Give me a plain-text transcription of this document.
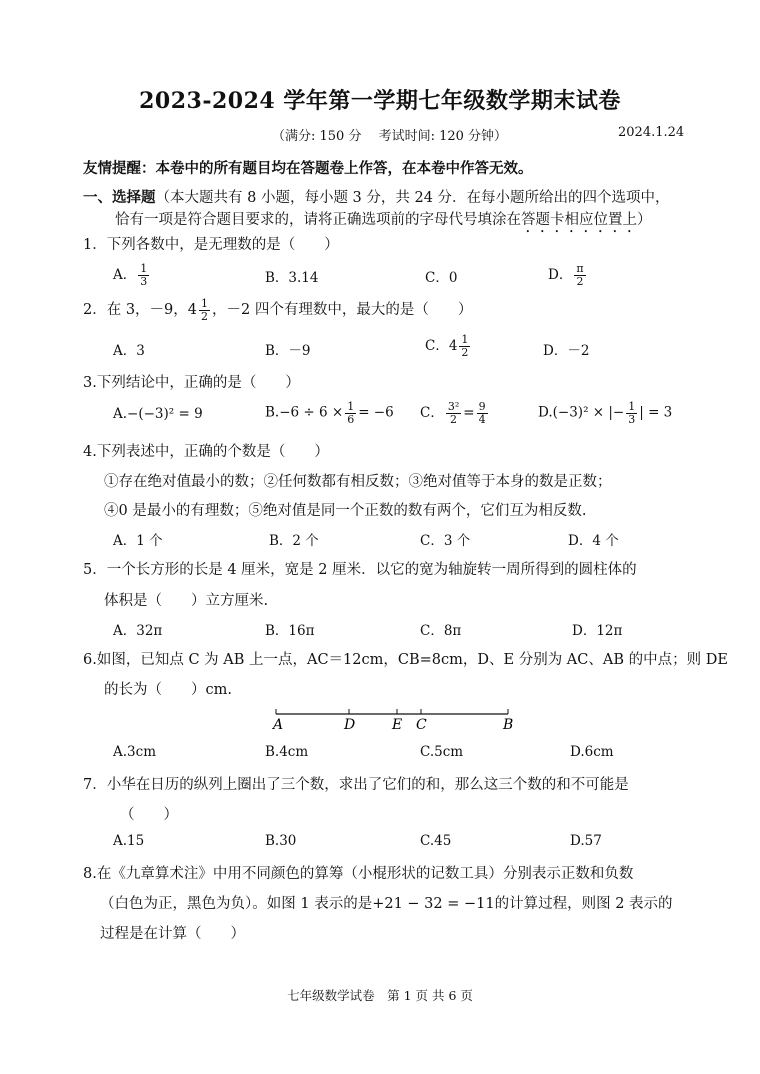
2023-2024 学年第一学期七年级数学期末试卷
（满分: 150 分　 考试时间: 120 分钟）	2024.1.24
友情提醒：本卷中的所有题目均在答题卷上作答，在本卷中作答无效。
一、选择题（本大题共有 8 小题，每小题 3 分，共 24 分．在每小题所给出的四个选项中，
恰有一项是符合题目要求的，请将正确选项前的字母代号填涂在答题卡相应位置上）
1．下列各数中，是无理数的是（　　）
A． $\frac{1}{3}$	B．3.14	C．0	D． $\frac{\pi}{2}$
2．在 3，－9，$4 \frac{1}{2}$ ，－2 四个有理数中，最大的是（　　）
A．3	B．－9	C．$4 \frac{1}{2}$	D．－2
3.下列结论中，正确的是（　　）
A.−(−3)² = 9	$B.-6 \div 6 \times \frac{1}{6} = -6$ C． $\frac{\text{3²}}{2} = \frac{9}{4}$	D.(−3)² × |− $\frac{1}{3}$ | = 3
4.下列表述中，正确的个数是（　　）
①存在绝对值最小的数；②任何数都有相反数；③绝对值等于本身的数是正数；
④0 是最小的有理数；⑤绝对值是同一个正数的数有两个，它们互为相反数.
A．1 个	B．2 个	C．3 个	D．4 个
5．一个长方形的长是 4 厘米，宽是 2 厘米．以它的宽为轴旋转一周所得到的圆柱体的
体积是（　　）立方厘米.
A．32π	B．16π	C．8π	D．12π
6.如图，已知点 C 为 AB 上一点，AC＝12cm，CB=8cm，D、E 分别为 AC、AB 的中点；则 DE
的长为（　　）cm.
A	D	E C	B
A.3cm	B.4cm	C.5cm	D.6cm
7．小华在日历的纵列上圈出了三个数，求出了它们的和，那么这三个数的和不可能是
（　　）
A.15	B.30	C.45	D.57
8.在《九章算术注》中用不同颜色的算筹（小棍形状的记数工具）分别表示正数和负数
（白色为正，黑色为负）。如图 1 表示的是+21 − 32 = −11的计算过程，则图 2 表示的
过程是在计算（　　）
七年级数学试卷　第 1 页 共 6 页
